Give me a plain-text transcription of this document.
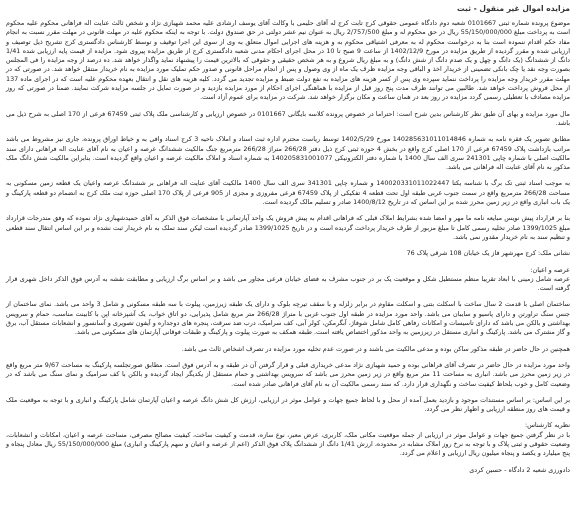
مزایده اموال غیر منقول - ثبت

موضوع پرونده شماره ثبتی 0101667 شعبه دوم دادگاه عمومی حقوقی کرج تابت کرج له آقای حلیمی با وکالت آقای یوسف ارشادی علیه محمد شهبازی نژاد و شخص ثالث عنایت اله فراهانی محکوم علیه محکوم است به پرداخت مبلغ 55/150/000/000 ریال در حق محکوم له و مبلغ 2/757/500 ریال به عنوان نیم عشر دولتی در حق صندوق دولت. با توجه به اینکه محکوم علیه در مهلت قانونی در مهلت مقرر نسبت به انجام مفاد حکم اقدام ننموده است بنا به درخواست محکوم له به معرفی اشتیاقی محکوم به و هزینه های اجرایی اموال متعلق به وی از سوی این اجرا توقیف و توسط کارشناس دادگستری کرج تشریح ذیل توصیف و ارزیابی شده و مقرر گردیده از طریق مزایده در مورخ 1402/12/9 از ساعت 9 صبح تا 10 در محل اجرای احکام مدنی شعبه دادگستری کرج از طریق مزایده پیروی شود. مزایده از قیمت پایه ارزیابی شده 1/41 دانگ از ششدانگ (یک دانگ و چهل و یک صدم دانگ از شش دانگ) و به مبلغ ریال شروع و به هر شخص حقیقی و حقوقی که بالاترین قیمت را پیشنهاد نماید واگذار خواهد شد. ده درصد از وجه مزایده را فی المجلس بصورت وجه نقد یا چک بانکی تضمینی از خریدار اخذ و الباقی وجه مزایده ظرف یک ماه از وی وصول و پس از انجام مراحل قانونی و صدور حکم تملیک مورد مزایده به نام خریدار منتقل خواهد شد. در صورتی که در مهلت مقرر خریدار وجه مزایده را پرداخت ننماید سپرده وی پس از کسر هزینه های مزایده به نفع دولت ضبط و مزایده تجدید می گردد. کلیه هزینه های نقل و انتقال بعهده محکوم علیه است که در اجرای ماده 137 از محل فروش پرداخت خواهد شد. طالبین می توانند ظرف مدت پنج روز قبل از مزایده با هماهنگی اجرای احکام از مورد مزایده بازدید و در صورت تمایل در جلسه مزایده شرکت نمایند. ضمنا در صورتی که روز مزایده مصادف با تعطیلی رسمی گردد مزایده در روز بعد در همان ساعت و مکان برگزار خواهد شد. شرکت در مزایده برای عموم آزاد است.

مال مورد مزایده و بهای آن طبق نظر کارشناس بدین شرح است: احتراما در خصوص پرونده کلاسه بایگانی 0101667 در خصوص ارزیابی و کارشناسی ملک پلاک ثبتی 67459 فرعی از 170 اصلی به شرح ذیل می باشد.

مطابق تصویر یک فقره نامه به شماره 140285631011014846 مورخ 1402/5/29 توسط ریاست محترم اداره ثبت اسناد و املاک ناحیه 3 کرج اسناد وافی به و خیاط اوراق پرونده، جاری نیز مشروط می باشد مراتب بازداشت پلاک 67459 فرعی از 170 اصلی کرج واقع در بخش 4 حوزه ثبتی کرج ذیل دفتر 266/28 متراژ 266/28 مترمربع جنگ مالکیت ششدانگ عرصه و اعیان به نام آقای عنایت اله فراهانی دارای سند مالکیت اصلی با شماره چاپی 241301 سری الف سال 1400 با شماره دفتر الکترونیکی 140205831001077 به شماره اسناد و املاک مالکیت عرصه و اعیان واقع گردیده است. بنابراین مالکیت شش دانگ ملک مذکور به نام آقای عنایت اله فراهانی می باشد.

به موجب اسناد ثبتی تک برگ با شناسه یکتا 140020331011022447 و شماره چاپی 341301 سری الف سال 1400 مالکیت آقای عنایت اله فراهانی بر ششدانگ عرصه واعیان یک قطعه زمین مسکونی به مساحت 266/28 مترمربع واقع در سمت جنوب غربی طبقه اول تحت قطعه 4 تفکیکی از پلاک 67459 فرعی مفروزی و مجزی از 905 فرعی از پلاک 170 اصلی حوزه ثبت ملک کرج به انضمام دو قطعه پارکینگ و یک باب انباری واقع در زیر زمین محرز شده بر این اساس که در تاریخ 1400/8/12 صادر و تسلیم مالک گردیده است.

بنا بر قرارداد پیش نویس مبایعه نامه ما مهر و امضا شده بشرایط املاک قبلی که فراهانی اقدام به پیش فروش یک واحد آپارتمانی با مشخصات فوق الذکر به آقای حمیدشهبازی نژاد نموده که وفق مندرجات قرارداد مبلغ 1399/1025 صادر تخلیه رسمی کامل تا مبلغ مزبور از طرف خریدار پرداخت گردیده است و در تاریخ 1399/1025 صادر گردیده است لیکن سند تملک به نام خریدار ثبت نشده و بر این اساس انتقال سند قطعی و تنظیم سند به نام خریدار مقدور نمی باشد.

نشانی ملک: کرج مهرشهر فاز یک خیابان 108 شرقی پلاک 76

عرصه و اعیان:

عرصه شامل زمینی با ابعاد تقریبا منظم مستطیل شکل و موقعیت یک بر در جنوب مشرف به فضای خیابان فرعی مجاور می باشد و بر اساس برگ ارزیابی و مطابقت نقشه به آدرس فوق الذکر داخل شهری قرار گرفته است.

ساختمان اصلی با قدمت 2 سال ساخت با اسکلت بتنی و اسکلت مقاوم در برابر زلزله و با سقف تیرچه بلوک و دارای یک طبقه زیرزمین، پیلوت با سه طبقه مسکونی و شامل 3 واحد می باشد. نمای ساختمان از جنس سنگ تراورتن و دارای پاسیو و سایبان می باشد. واحد مورد مزایده در طبقه اول جنوب غربی با متراژ 266/28 متر مربع شامل پذیرایی، دو اتاق خواب، یک آشپزخانه اپن با کابینت مناسب، حمام و سرویس بهداشتی و بالکن می باشد که دارای تاسیسات و امکانات رفاهی کامل شامل شوفاژ، آبگرمکن، کولر آبی، کف سرامیک، درب ضد سرقت، پنجره های دوجداره و آیفون تصویری و آسانسور و انشعابات مستقل آب، برق و گاز مشترک می باشد. پارکینگ و انباری مستقل در زیرزمین به واحد مذکور اختصاص یافته است. طبقه همکف به صورت پیلوت و پارکینگ و طبقات فوقانی آپارتمان های مسکونی می باشد.

همچنین در حال حاضر در طبقه مذکور ساکن بوده و مدعی مالکیت می باشند و در صورت عدم تخلیه مورد مزایده در تصرف اشخاص ثالث می باشد.

واحد مورد مزایده در حال حاضر در تصرف آقای فراهانی بوده و حمید شهبازی نژاد مدعی خریداری قبلی و قرار گرفتن آن در طبقه و به آدرس فوق است. مطابق صورتجلسه پارکینگ به مساحت 9/67 متر مربع واقع در زیر زمین محرز می باشد. انباری به مساحت 11 متر مربع واقع در زیر زمین محرز می باشد که سرویس بهداشتی و حمام مستقل از یکدیگر ایجاد گردیده و بالکن با کف سرامیک و نمای سنگ می باشد که در وضعیت کامل و خوب بلحاظ کیفیت ساخت و نگهداری قرار دارد. که سند رسمی مالکیت آن به نام آقای فراهانی صادر شده است.

بر این اساس: بر اساس مستندات موجود و بازدید بعمل آمده از محل و با لحاظ جمیع جهات و عوامل موثر در ارزیابی، ارزش کل شش دانگ عرصه و اعیان آپارتمان شامل پارکینگ و انباری و با توجه به موقعیت ملک و قیمت های روز منطقه ارزیابی و اظهار نظر می گردد.

نظریه کارشناس:

با در نظر گرفتن جمیع جهات و عوامل موثر در ارزیابی از جمله موقعیت مکانی ملک، کاربری، عرض معبر، نوع سازه، قدمت و کیفیت ساخت، کیفیت مصالح مصرفی، مساحت عرصه و اعیان، امکانات و انشعابات، وضعیت حقوقی و ثبتی پلاک و با توجه به نرخ روز املاک مشابه در محدوده، ارزش 1/41 دانگ از ششدانگ پلاک فوق الذکر (اعم از عرصه و اعیان و سهم پارکینگ و انباری) مبلغ 55/150/000/000 ریال معادل پنجاه و پنج میلیارد و یکصد و پنجاه میلیون ریال ارزیابی و اعلام می گردد.

دادورزی شعبه 2 دادگاه - حسین کردی
